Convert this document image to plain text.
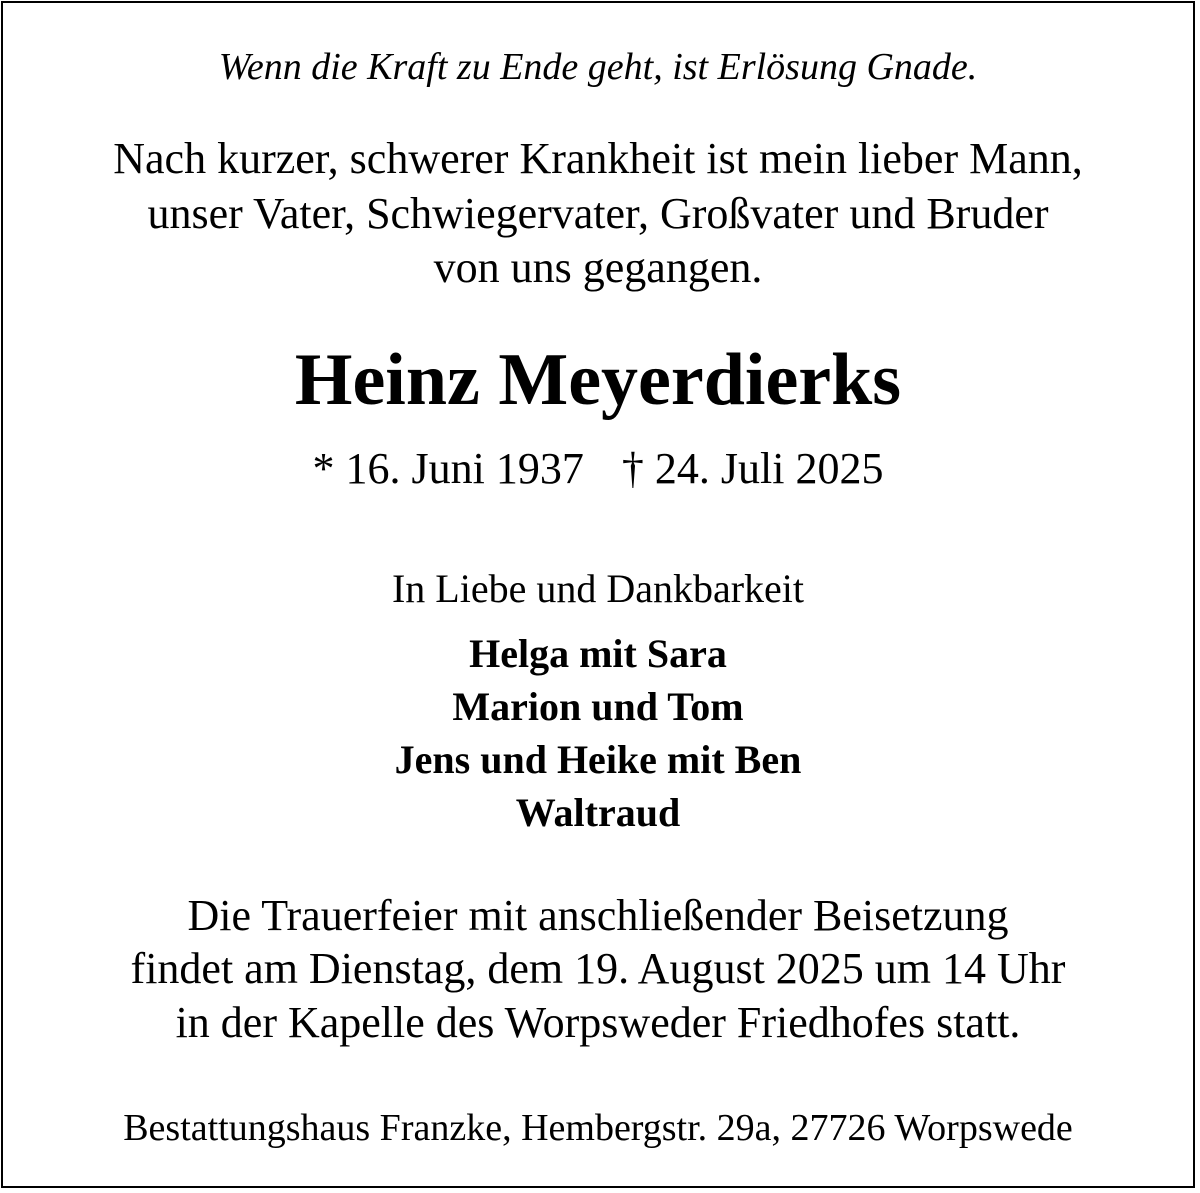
Wenn die Kraft zu Ende geht, ist Erlösung Gnade.
Nach kurzer, schwerer Krankheit ist mein lieber Mann,
unser Vater, Schwiegervater, Großvater und Bruder
von uns gegangen.
Heinz Meyerdierks
* 16. Juni 1937 † 24. Juli 2025
In Liebe und Dankbarkeit
Helga mit Sara
Marion und Tom
Jens und Heike mit Ben
Waltraud
Die Trauerfeier mit anschließender Beisetzung
findet am Dienstag, dem 19. August 2025 um 14 Uhr
in der Kapelle des Worpsweder Friedhofes statt.
Bestattungshaus Franzke, Hembergstr. 29a, 27726 Worpswede
